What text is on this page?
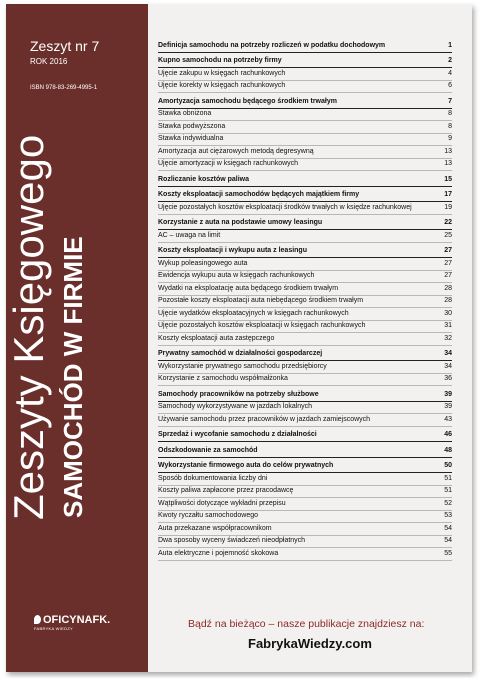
Zeszyt nr 7
ROK 2016
ISBN 978-83-269-4995-1
Zeszyty Księgowego SAMOCHÓD W FIRMIE
OFICYNAFK.
FABRYKA WIEDZY
Definicja samochodu na potrzeby rozliczeń w podatku dochodowym	1
Kupno samochodu na potrzeby firmy	2
Ujęcie zakupu w księgach rachunkowych	4
Ujęcie korekty w księgach rachunkowych	6
Amortyzacja samochodu będącego środkiem trwałym	7
Stawka obniżona	8
Stawka podwyższona	8
Stawka indywidualna	9
Amortyzacja aut ciężarowych metodą degresywną	13
Ujęcie amortyzacji w księgach rachunkowych	13
Rozliczanie kosztów paliwa	15
Koszty eksploatacji samochodów będących majątkiem firmy	17
Ujęcie pozostałych kosztów eksploatacji środków trwałych w księdze rachunkowej	19
Korzystanie z auta na podstawie umowy leasingu	22
AC – uwaga na limit	25
Koszty eksploatacji i wykupu auta z leasingu	27
Wykup poleasingowego auta	27
Ewidencja wykupu auta w księgach rachunkowych	27
Wydatki na eksploatację auta będącego środkiem trwałym	28
Pozostałe koszty eksploatacji auta niebędącego środkiem trwałym	28
Ujęcie wydatków eksploatacyjnych w księgach rachunkowych	30
Ujęcie pozostałych kosztów eksploatacji w księgach rachunkowych	31
Koszty eksploatacji auta zastępczego	32
Prywatny samochód w działalności gospodarczej	34
Wykorzystanie prywatnego samochodu przedsiębiorcy	34
Korzystanie z samochodu współmałżonka	36
Samochody pracowników na potrzeby służbowe	39
Samochody wykorzystywane w jazdach lokalnych	39
Używanie samochodu przez pracowników w jazdach zamiejscowych	43
Sprzedaż i wycofanie samochodu z działalności	46
Odszkodowanie za samochód	48
Wykorzystanie firmowego auta do celów prywatnych	50
Sposób dokumentowania liczby dni	51
Koszty paliwa zapłacone przez pracodawcę	51
Wątpliwości dotyczące wykładni przepisu	52
Kwoty ryczałtu samochodowego	53
Auta przekazane współpracownikom	54
Dwa sposoby wyceny świadczeń nieodpłatnych	54
Auta elektryczne i pojemność skokowa	55
Bądź na bieżąco – nasze publikacje znajdziesz na:
FabrykaWiedzy.com
